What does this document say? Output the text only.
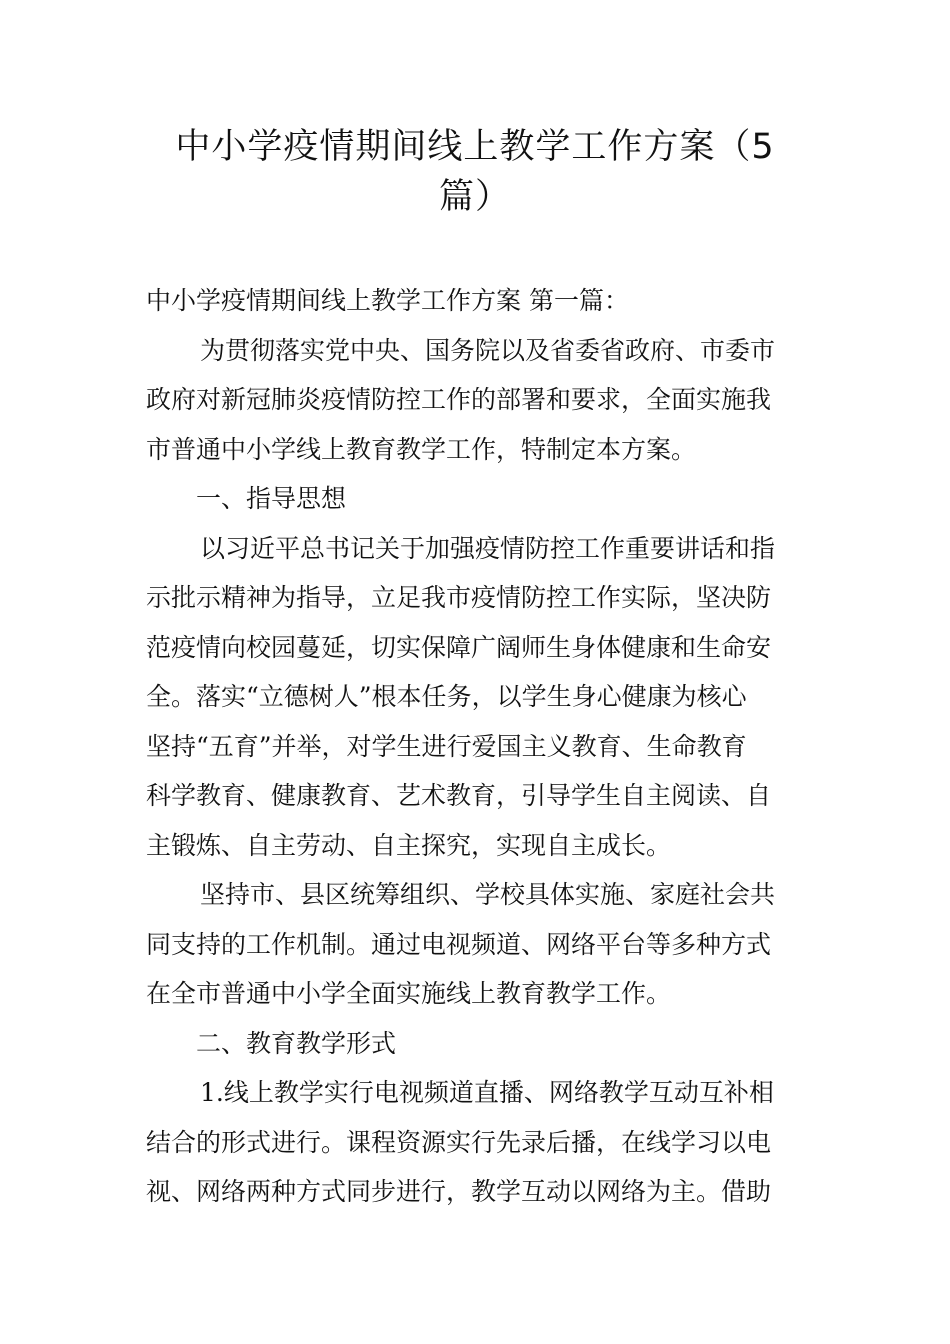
中小学疫情期间线上教学工作方案（5
篇）
中小学疫情期间线上教学工作方案 第一篇：
为贯彻落实党中央、国务院以及省委省政府、市委市
政府对新冠肺炎疫情防控工作的部署和要求，全面实施我
市普通中小学线上教育教学工作，特制定本方案。
一、指导思想
以习近平总书记关于加强疫情防控工作重要讲话和指
示批示精神为指导，立足我市疫情防控工作实际，坚决防
范疫情向校园蔓延，切实保障广阔师生身体健康和生命安
全。落实“立德树人”根本任务，以学生身心健康为核心
坚持“五育”并举，对学生进行爱国主义教育、生命教育
科学教育、健康教育、艺术教育，引导学生自主阅读、自
主锻炼、自主劳动、自主探究，实现自主成长。
坚持市、县区统筹组织、学校具体实施、家庭社会共
同支持的工作机制。通过电视频道、网络平台等多种方式
在全市普通中小学全面实施线上教育教学工作。
二、教育教学形式
1.线上教学实行电视频道直播、网络教学互动互补相
结合的形式进行。课程资源实行先录后播，在线学习以电
视、网络两种方式同步进行，教学互动以网络为主。借助
